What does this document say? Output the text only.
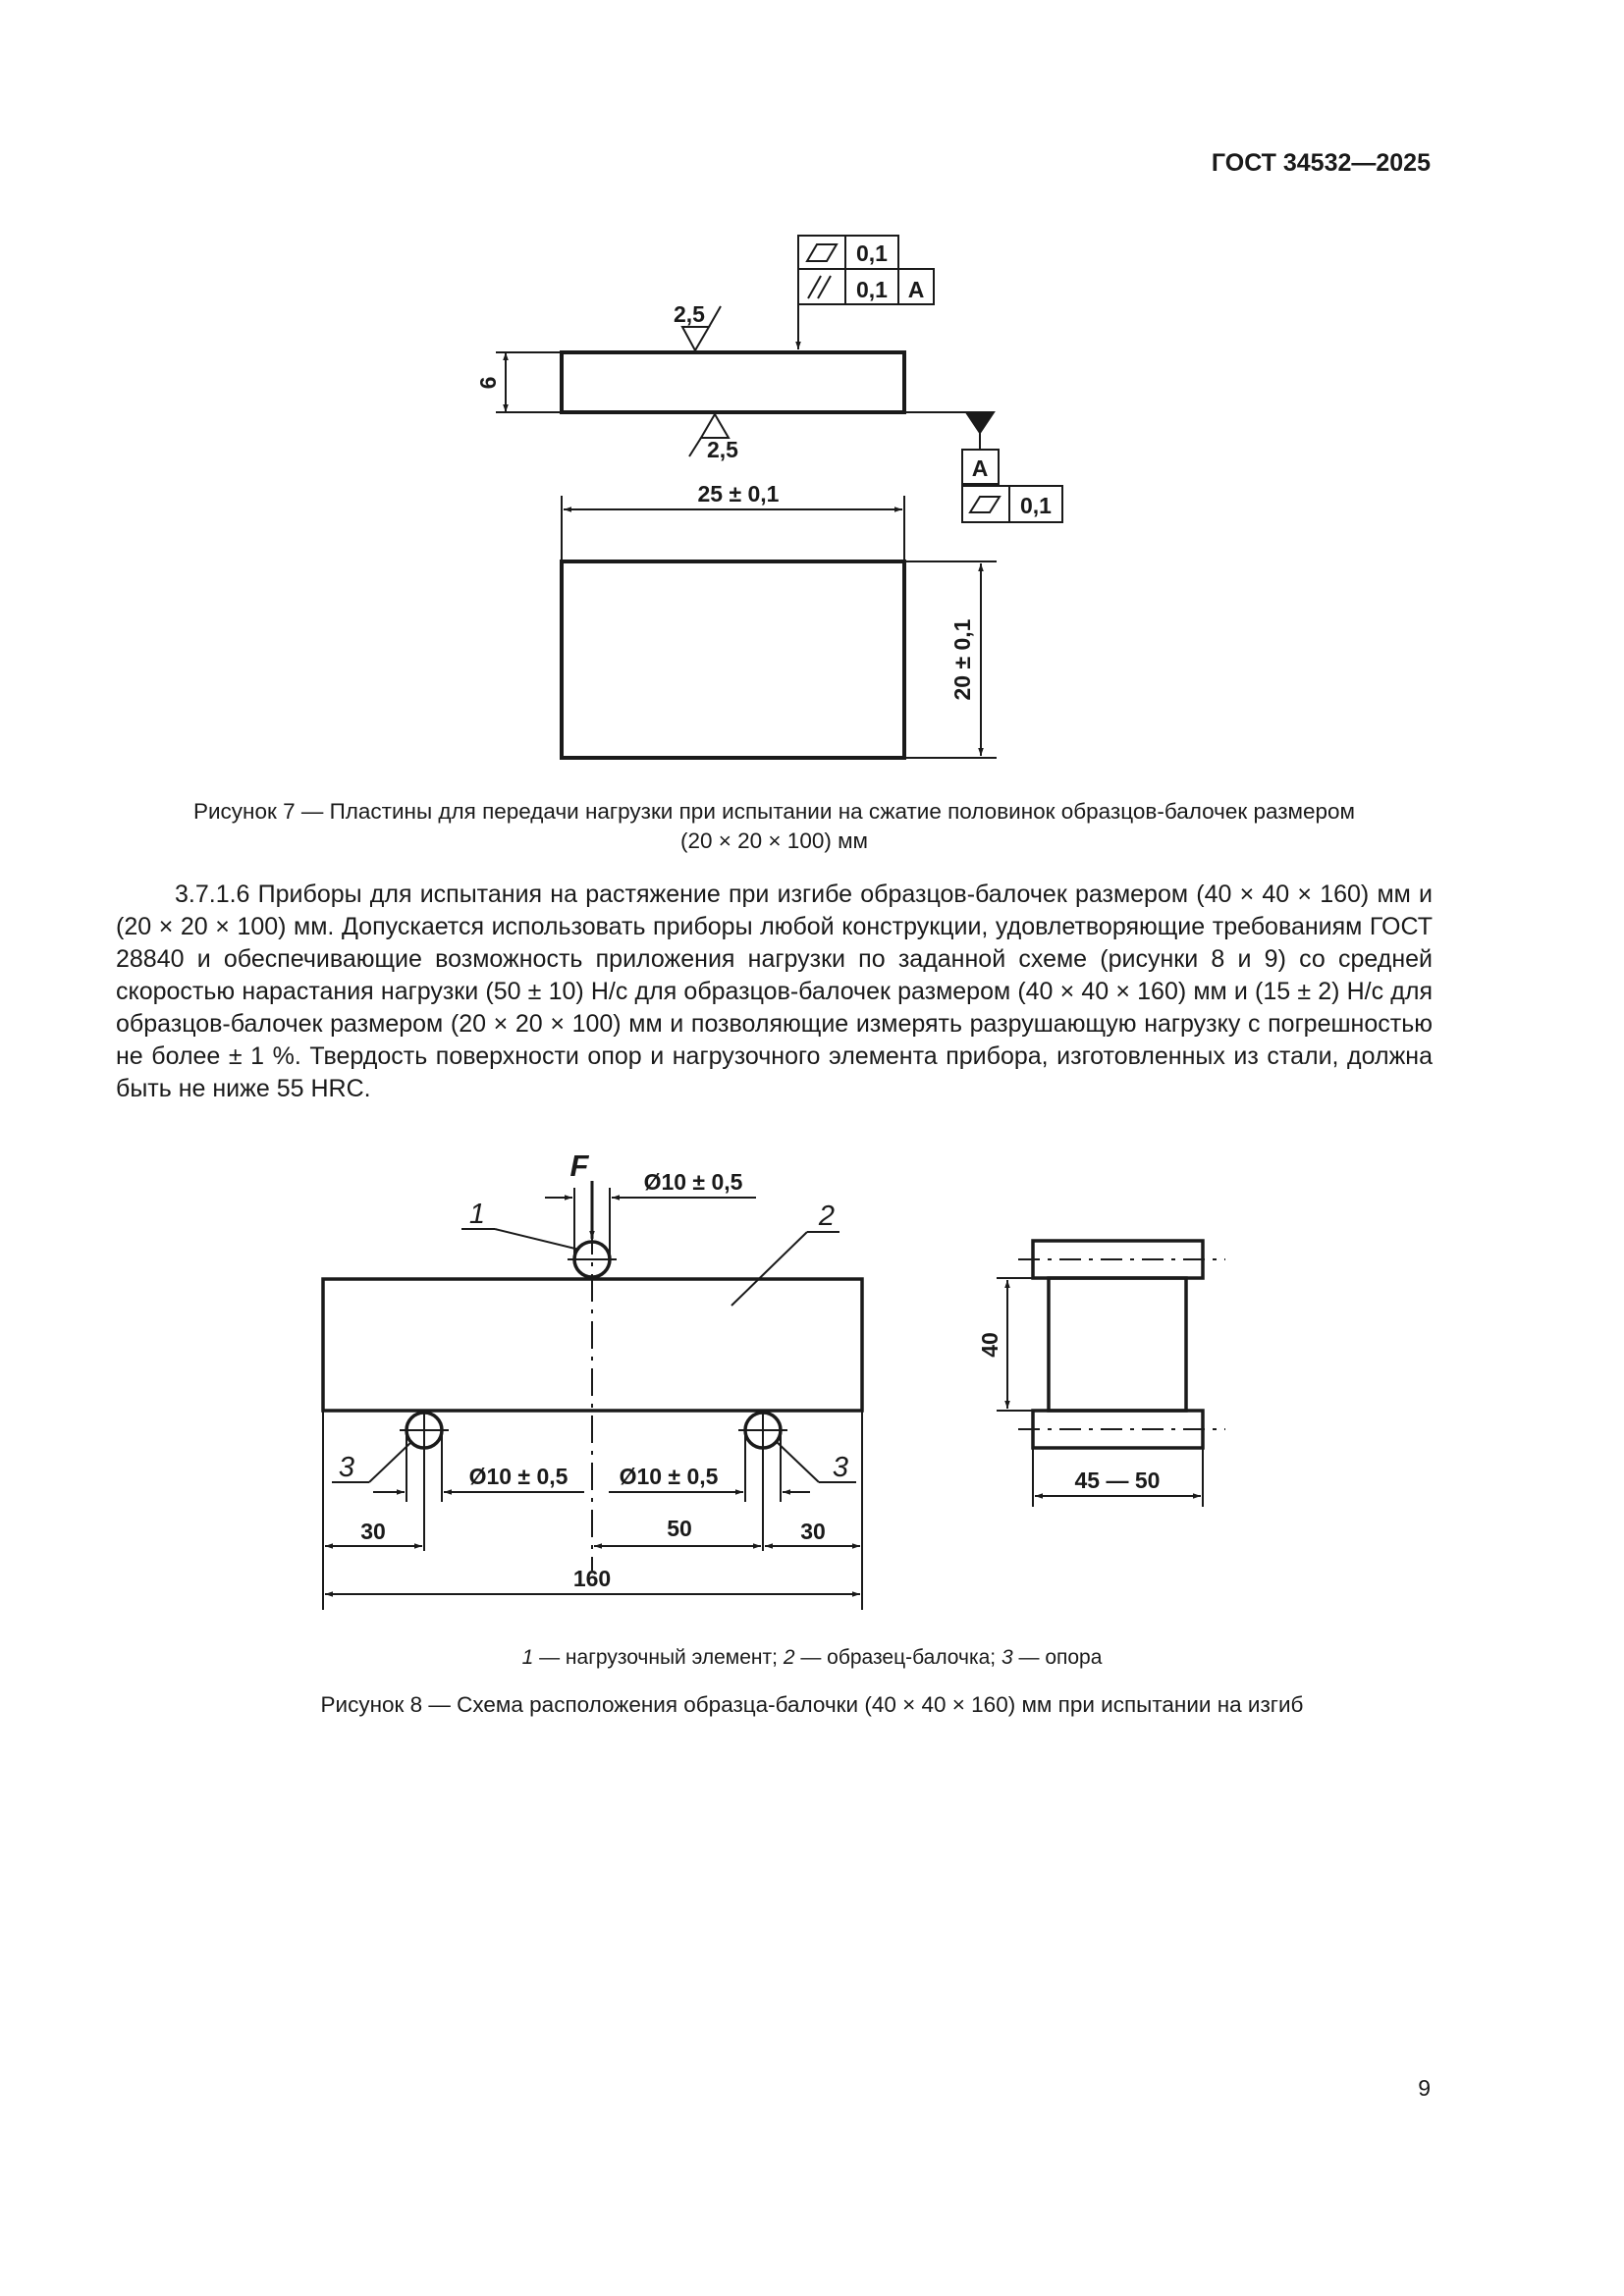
ГОСТ 34532—2025
2,5
2,5
6
0,1
0,1 A
A
0,1
25 ± 0,1
20 ± 0,1
Рисунок 7 — Пластины для передачи нагрузки при испытании на сжатие половинок образцов-балочек размером
(20 × 20 × 100) мм

3.7.1.6 Приборы для испытания на растяжение при изгибе образцов-балочек размером (40 × 40 × 160) мм и (20 × 20 × 100) мм. Допускается использовать приборы любой конструкции, удовлетворяющие требованиям ГОСТ 28840 и обеспечивающие возможность приложения нагрузки по заданной схеме (рисунки 8 и 9) со средней скоростью нарастания нагрузки (50 ± 10) Н/с для образцов-балочек размером (40 × 40 × 160) мм и (15 ± 2) Н/с для образцов-балочек размером (20 × 20 × 100) мм и позволяющие измерять разрушающую нагрузку с погрешностью не более ± 1 %. Твердость поверхности опор и нагрузочного элемента прибора, изготовленных из стали, должна быть не ниже 55 HRC.

F Ø10 ± 0,5
1	2
3	3
Ø10 ± 0,5 Ø10 ± 0,5
30	50	30
160
40
45 — 50
1 — нагрузочный элемент; 2 — образец-балочка; 3 — опора
Рисунок 8 — Схема расположения образца-балочки (40 × 40 × 160) мм при испытании на изгиб
9
